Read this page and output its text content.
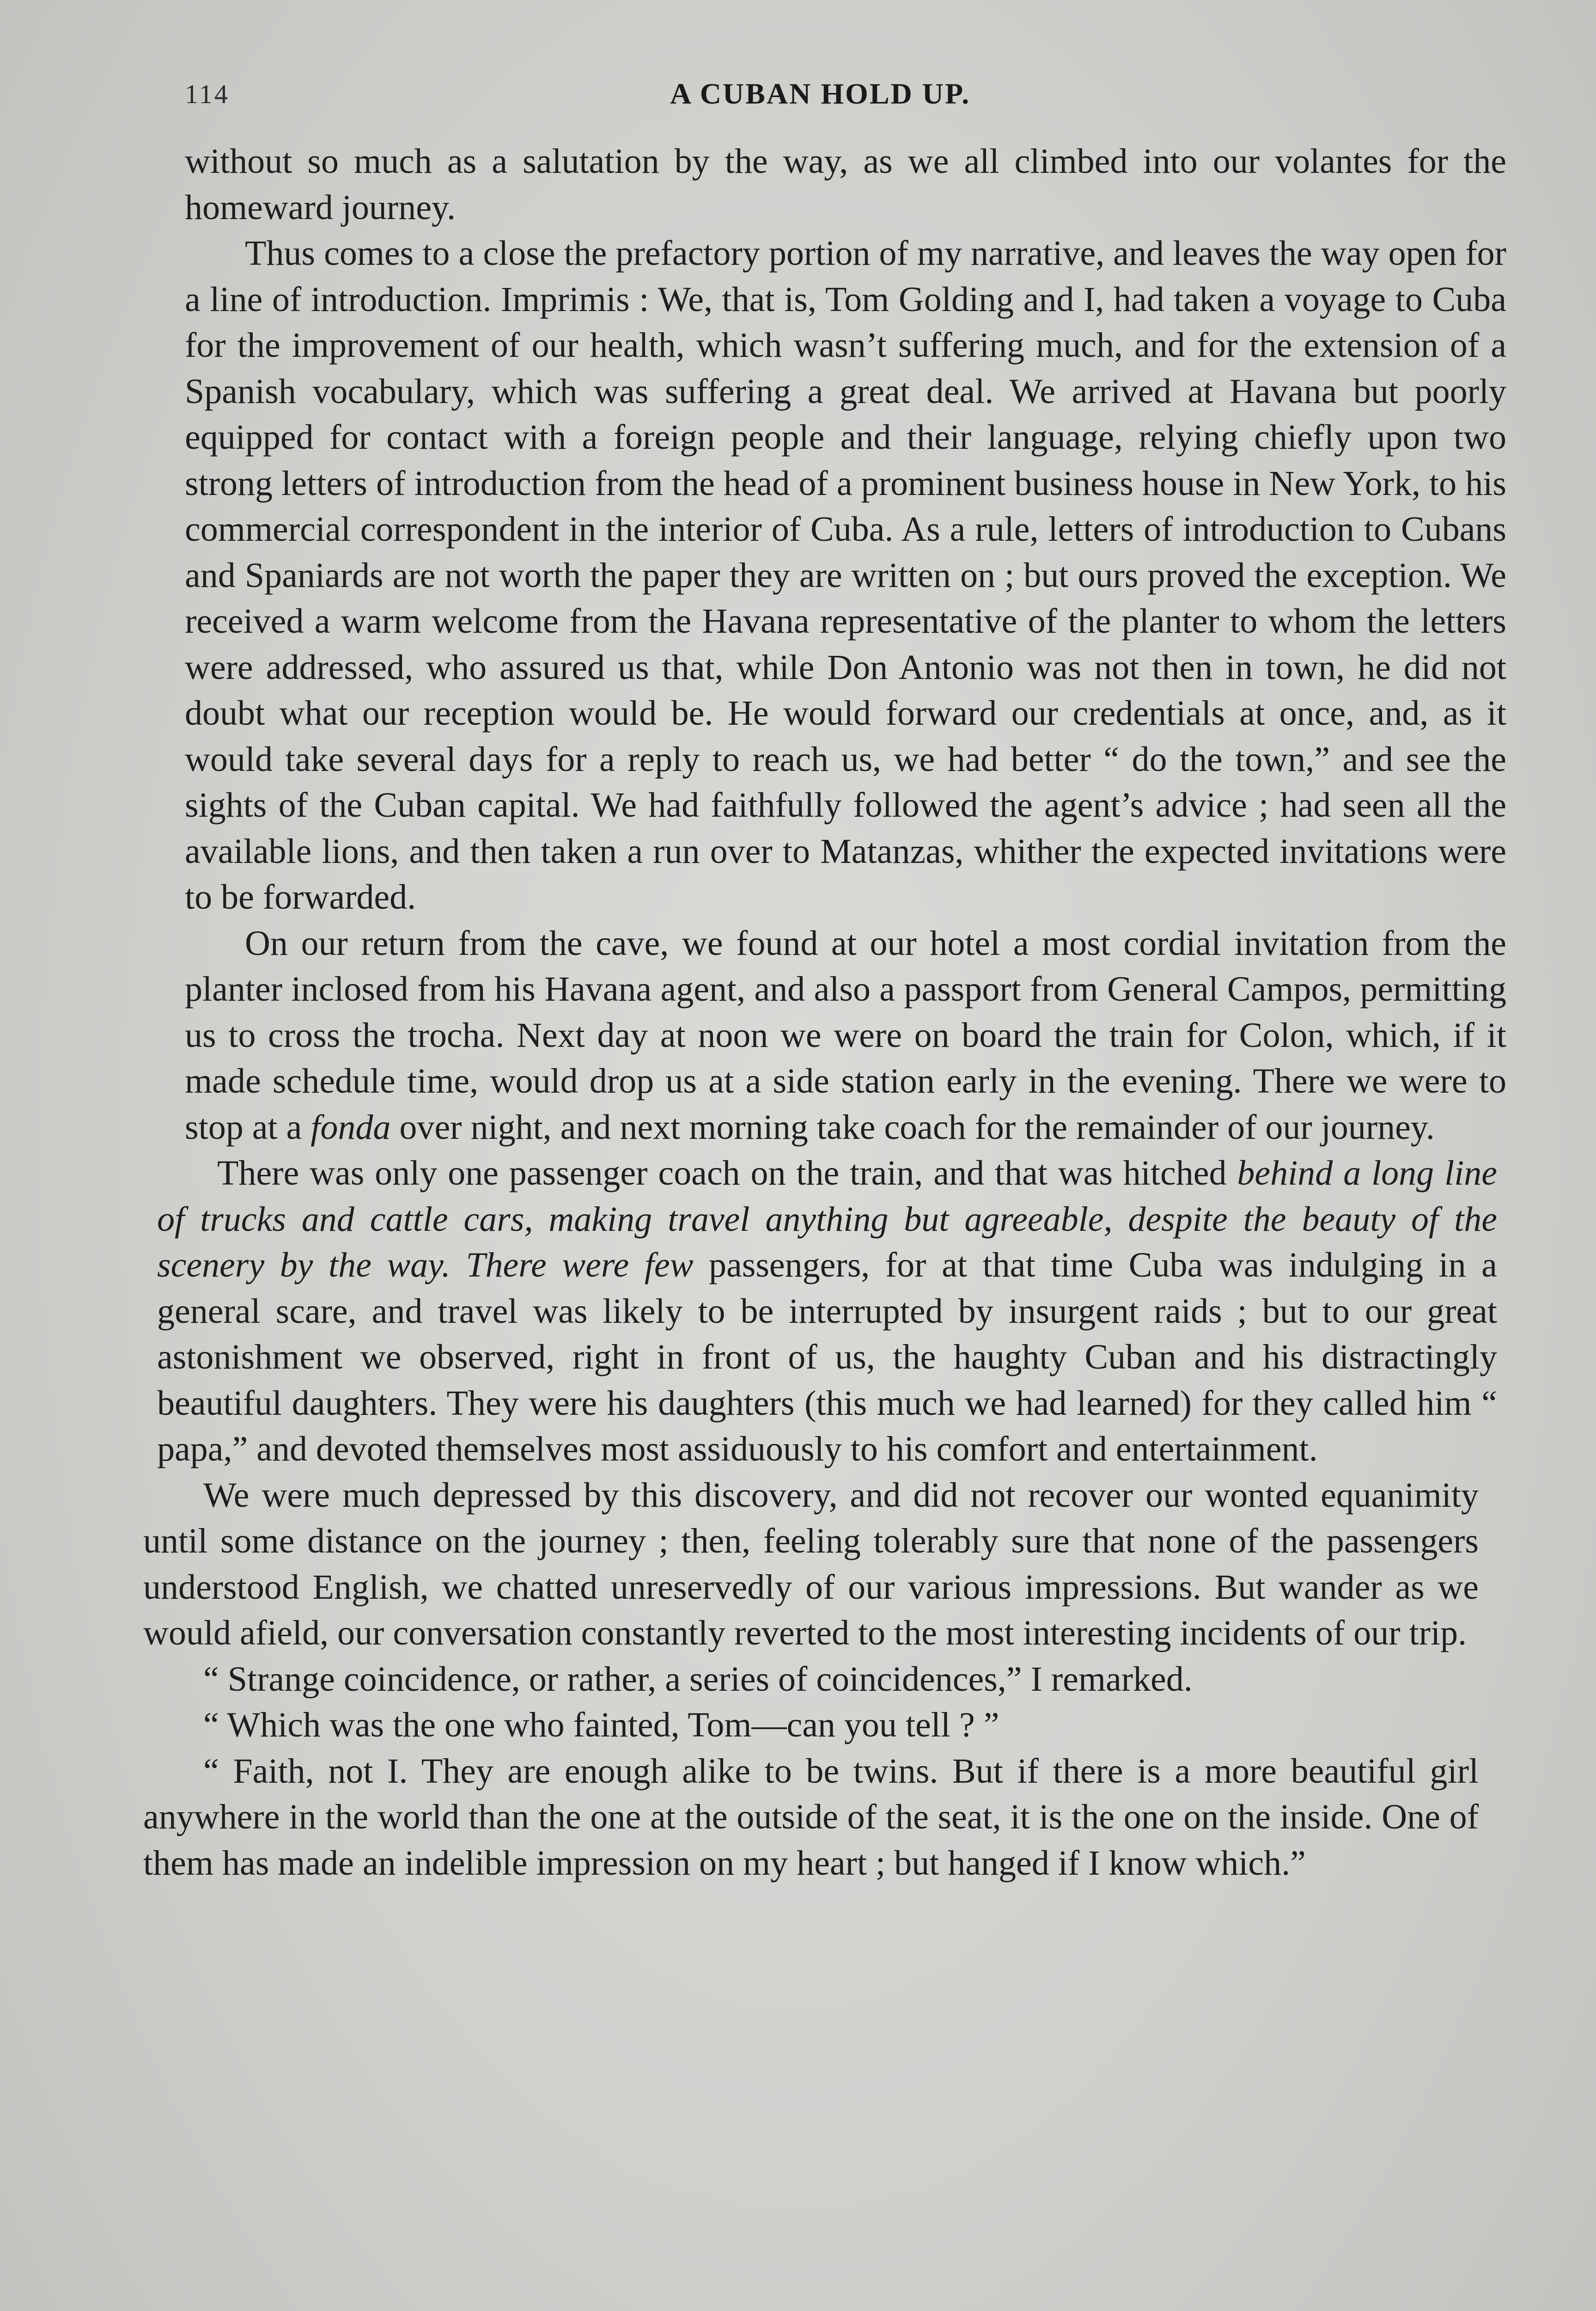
114	A CUBAN HOLD UP.

without so much as a salutation by the way, as we all climbed into our volantes for the homeward journey.

Thus comes to a close the prefactory portion of my narrative, and leaves the way open for a line of introduction. Imprimis : We, that is, Tom Golding and I, had taken a voyage to Cuba for the improvement of our health, which wasn’t suffering much, and for the extension of a Spanish vocabulary, which was suffering a great deal. We arrived at Havana but poorly equipped for contact with a foreign people and their language, relying chiefly upon two strong letters of introduction from the head of a prominent business house in New York, to his commercial correspondent in the interior of Cuba. As a rule, letters of introduction to Cubans and Spaniards are not worth the paper they are written on ; but ours proved the exception. We received a warm welcome from the Havana representative of the planter to whom the letters were addressed, who assured us that, while Don Antonio was not then in town, he did not doubt what our reception would be. He would forward our credentials at once, and, as it would take several days for a reply to reach us, we had better “ do the town,” and see the sights of the Cuban capital. We had faithfully followed the agent’s advice ; had seen all the available lions, and then taken a run over to Matanzas, whither the expected invitations were to be forwarded.

On our return from the cave, we found at our hotel a most cordial invitation from the planter inclosed from his Havana agent, and also a passport from General Campos, permitting us to cross the trocha. Next day at noon we were on board the train for Colon, which, if it made schedule time, would drop us at a side station early in the evening. There we were to stop at a fonda over night, and next morning take coach for the remainder of our journey.

There was only one passenger coach on the train, and that was hitched behind a long line of trucks and cattle cars, making travel anything but agreeable, despite the beauty of the scenery by the way. There were few passengers, for at that time Cuba was indulging in a general scare, and travel was likely to be interrupted by insurgent raids ; but to our great astonishment we observed, right in front of us, the haughty Cuban and his distractingly beautiful daughters. They were his daughters (this much we had learned) for they called him “ papa,” and devoted themselves most assiduously to his comfort and entertainment.

We were much depressed by this discovery, and did not recover our wonted equanimity until some distance on the journey ; then, feeling tolerably sure that none of the passengers understood English, we chatted unreservedly of our various impressions. But wander as we would afield, our conversation constantly reverted to the most interesting incidents of our trip.

“ Strange coincidence, or rather, a series of coincidences,” I remarked.

“ Which was the one who fainted, Tom—can you tell ? ”

“ Faith, not I. They are enough alike to be twins. But if there is a more beautiful girl anywhere in the world than the one at the outside of the seat, it is the one on the inside. One of them has made an indelible impression on my heart ; but hanged if I know which.”
